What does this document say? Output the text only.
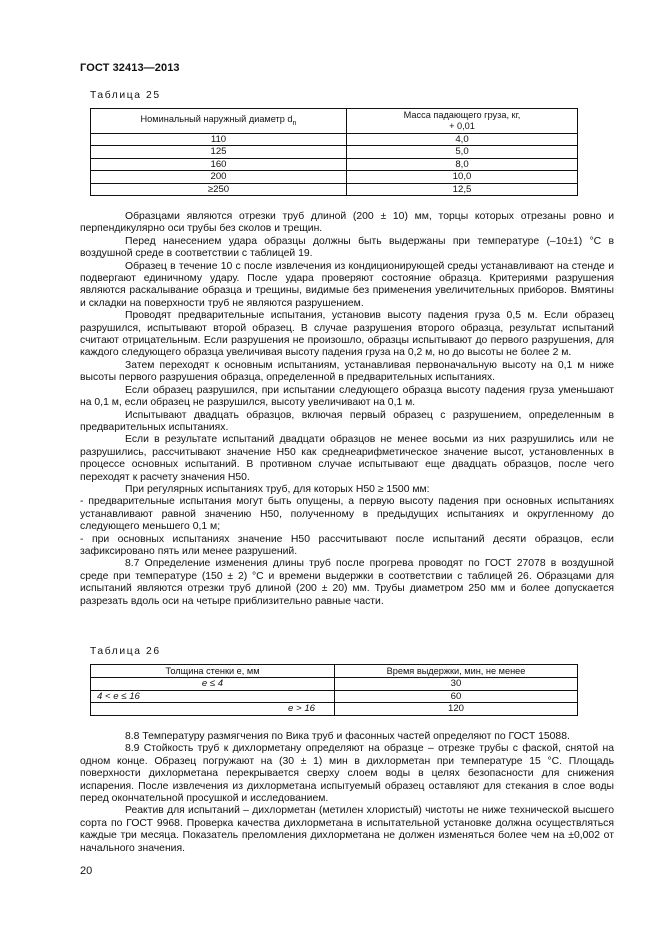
ГОСТ 32413—2013
Таблица 25
Номинальный наружный диаметр $d_n$	Масса падающего груза, кг,
+ 0,01

110	4,0
125	5,0
160	8,0
200	10,0
≥250	12,5

Образцами являются отрезки труб длиной (200 ± 10) мм, торцы которых отрезаны ровно и перпендикулярно оси трубы без сколов и трещин.

Перед нанесением удара образцы должны быть выдержаны при температуре (–10±1) °С в воздушной среде в соответствии с таблицей 19.

Образец в течение 10 с после извлечения из кондиционирующей среды устанавливают на стенде и подвергают единичному удару. После удара проверяют состояние образца. Критериями разрушения являются раскалывание образца и трещины, видимые без применения увеличительных приборов. Вмятины и складки на поверхности труб не являются разрушением.

Проводят предварительные испытания, установив высоту падения груза 0,5 м. Если образец разрушился, испытывают второй образец. В случае разрушения второго образца, результат испытаний считают отрицательным. Если разрушения не произошло, образцы испытывают до первого разрушения, для каждого следующего образца увеличивая высоту падения груза на 0,2 м, но до высоты не более 2 м.

Затем переходят к основным испытаниям, устанавливая первоначальную высоту на 0,1 м ниже высоты первого разрушения образца, определенной в предварительных испытаниях.

Если образец разрушился, при испытании следующего образца высоту падения груза уменьшают на 0,1 м, если образец не разрушился, высоту увеличивают на 0,1 м.

Испытывают двадцать образцов, включая первый образец с разрушением, определенным в предварительных испытаниях.

Если в результате испытаний двадцати образцов не менее восьми из них разрушились или не разрушились, рассчитывают значение Н50 как среднеарифметическое значение высот, установленных в процессе основных испытаний. В противном случае испытывают еще двадцать образцов, после чего переходят к расчету значения Н50.

При регулярных испытаниях труб, для которых Н50 ≥ 1500 мм:

- предварительные испытания могут быть опущены, а первую высоту падения при основных испытаниях устанавливают равной значению Н50, полученному в предыдущих испытаниях и округленному до следующего меньшего 0,1 м;

- при основных испытаниях значение Н50 рассчитывают после испытаний десяти образцов, если зафиксировано пять или менее разрушений.

8.7 Определение изменения длины труб после прогрева проводят по ГОСТ 27078 в воздушной среде при температуре (150 ± 2) °С и времени выдержки в соответствии с таблицей 26. Образцами для испытаний являются отрезки труб длиной (200 ± 20) мм. Трубы диаметром 250 мм и более допускается разрезать вдоль оси на четыре приблизительно равные части.

Таблица 26
Толщина стенки e, мм	Время выдержки, мин, не менее
e ≤ 4	30
4 < e ≤ 16	60
e > 16	120

8.8 Температуру размягчения по Вика труб и фасонных частей определяют по ГОСТ 15088.

8.9 Стойкость труб к дихлорметану определяют на образце – отрезке трубы с фаской, снятой на одном конце. Образец погружают на (30 ± 1) мин в дихлорметан при температуре 15 °С. Площадь поверхности дихлорметана перекрывается сверху слоем воды в целях безопасности для снижения испарения. После извлечения из дихлорметана испытуемый образец оставляют для стекания в слое воды перед окончательной просушкой и исследованием.

Реактив для испытаний – дихлорметан (метилен хлористый) чистоты не ниже технической высшего сорта по ГОСТ 9968. Проверка качества дихлорметана в испытательной установке должна осуществляться каждые три месяца. Показатель преломления дихлорметана не должен изменяться более чем на ±0,002 от начального значения.

20
